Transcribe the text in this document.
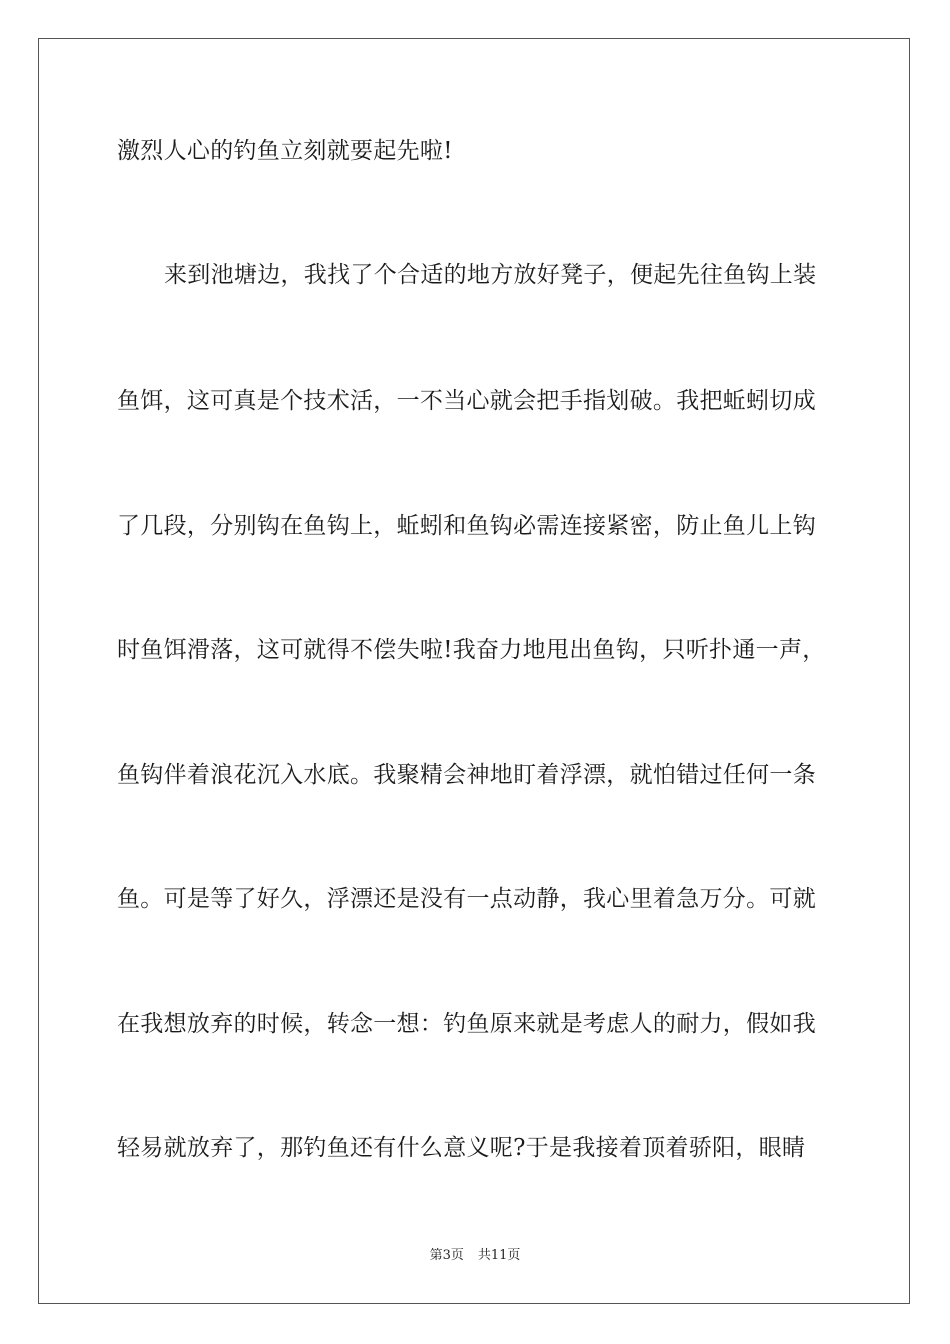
激烈人心的钓鱼立刻就要起先啦!
来到池塘边，我找了个合适的地方放好凳子，便起先往鱼钩上装
鱼饵，这可真是个技术活，一不当心就会把手指划破。我把蚯蚓切成
了几段，分别钩在鱼钩上，蚯蚓和鱼钩必需连接紧密，防止鱼儿上钩
时鱼饵滑落，这可就得不偿失啦!我奋力地甩出鱼钩，只听扑通一声，
鱼钩伴着浪花沉入水底。我聚精会神地盯着浮漂，就怕错过任何一条
鱼。可是等了好久，浮漂还是没有一点动静，我心里着急万分。可就
在我想放弃的时候，转念一想：钓鱼原来就是考虑人的耐力，假如我
轻易就放弃了，那钓鱼还有什么意义呢?于是我接着顶着骄阳，眼睛
第3页 共11页
